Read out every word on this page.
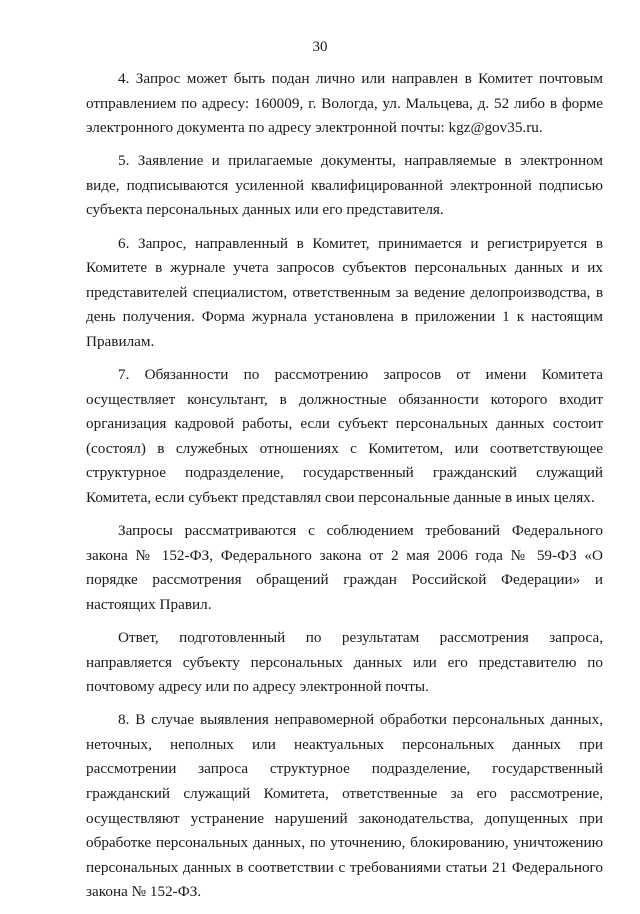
30

4. Запрос может быть подан лично или направлен в Комитет почтовым отправлением по адресу: 160009, г. Вологда, ул. Мальцева, д. 52 либо в форме электронного документа по адресу электронной почты: kgz@gov35.ru.

5. Заявление и прилагаемые документы, направляемые в электронном виде, подписываются усиленной квалифицированной электронной подписью субъекта персональных данных или его представителя.

6. Запрос, направленный в Комитет, принимается и регистрируется в Комитете в журнале учета запросов субъектов персональных данных и их представителей специалистом, ответственным за ведение делопроизводства, в день получения. Форма журнала установлена в приложении 1 к настоящим Правилам.

7. Обязанности по рассмотрению запросов от имени Комитета осуществляет консультант, в должностные обязанности которого входит организация кадровой работы, если субъект персональных данных состоит (состоял) в служебных отношениях с Комитетом, или соответствующее структурное подразделение, государственный гражданский служащий Комитета, если субъект представлял свои персональные данные в иных целях.

Запросы рассматриваются с соблюдением требований Федерального закона № 152-ФЗ, Федерального закона от 2 мая 2006 года № 59-ФЗ «О порядке рассмотрения обращений граждан Российской Федерации» и настоящих Правил.

Ответ, подготовленный по результатам рассмотрения запроса, направляется субъекту персональных данных или его представителю по почтовому адресу или по адресу электронной почты.

8. В случае выявления неправомерной обработки персональных данных, неточных, неполных или неактуальных персональных данных при рассмотрении запроса структурное подразделение, государственный гражданский служащий Комитета, ответственные за его рассмотрение, осуществляют устранение нарушений законодательства, допущенных при обработке персональных данных, по уточнению, блокированию, уничтожению персональных данных в соответствии с требованиями статьи 21 Федерального закона № 152-ФЗ.
